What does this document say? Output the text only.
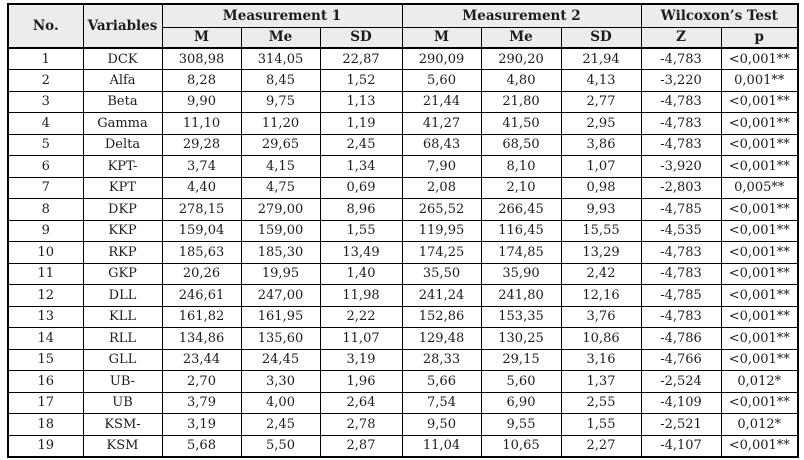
No.	Variables	Measurement 1			Measurement 2			Wilcoxon’s Test	
		M	Me	SD	M	Me	SD	Z	p
1	DCK	308,98	314,05	22,87	290,09	290,20	21,94	-4,783	<0,001**
2	Alfa	8,28	8,45	1,52	5,60	4,80	4,13	-3,220	0,001**
3	Beta	9,90	9,75	1,13	21,44	21,80	2,77	-4,783	<0,001**
4	Gamma	11,10	11,20	1,19	41,27	41,50	2,95	-4,783	<0,001**
5	Delta	29,28	29,65	2,45	68,43	68,50	3,86	-4,783	<0,001**
6	KPT-	3,74	4,15	1,34	7,90	8,10	1,07	-3,920	<0,001**
7	KPT	4,40	4,75	0,69	2,08	2,10	0,98	-2,803	0,005**
8	DKP	278,15	279,00	8,96	265,52	266,45	9,93	-4,785	<0,001**
9	KKP	159,04	159,00	1,55	119,95	116,45	15,55	-4,535	<0,001**
10	RKP	185,63	185,30	13,49	174,25	174,85	13,29	-4,783	<0,001**
11	GKP	20,26	19,95	1,40	35,50	35,90	2,42	-4,783	<0,001**
12	DLL	246,61	247,00	11,98	241,24	241,80	12,16	-4,785	<0,001**
13	KLL	161,82	161,95	2,22	152,86	153,35	3,76	-4,783	<0,001**
14	RLL	134,86	135,60	11,07	129,48	130,25	10,86	-4,786	<0,001**
15	GLL	23,44	24,45	3,19	28,33	29,15	3,16	-4,766	<0,001**
16	UB-	2,70	3,30	1,96	5,66	5,60	1,37	-2,524	0,012*
17	UB	3,79	4,00	2,64	7,54	6,90	2,55	-4,109	<0,001**
18	KSM-	3,19	2,45	2,78	9,50	9,55	1,55	-2,521	0,012*
19	KSM	5,68	5,50	2,87	11,04	10,65	2,27	-4,107	<0,001**
